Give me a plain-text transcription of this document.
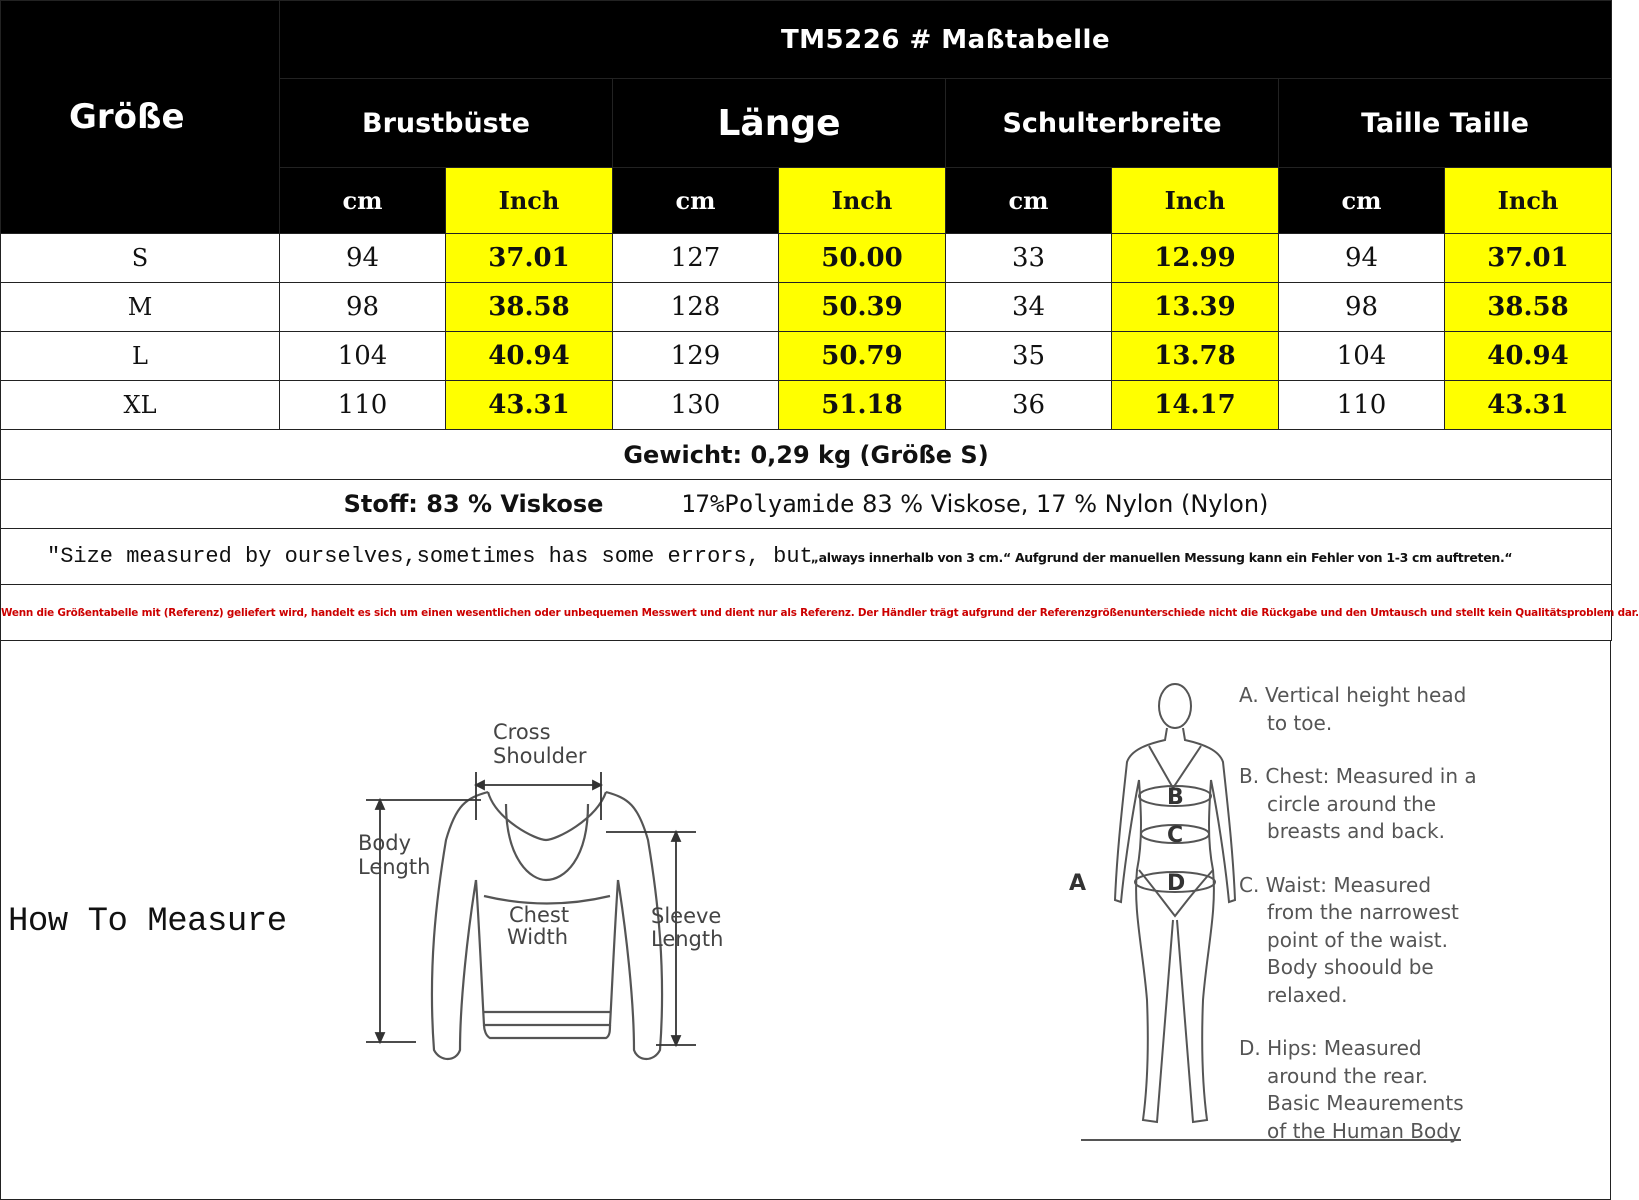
Größe	TM5226 # Maßtabelle							
	Brustbüste		Länge		Schulterbreite		Taille Taille	
	cm	Inch	cm	Inch	cm	Inch	cm	Inch
S	94	37.01	127	50.00	33	12.99	94	37.01
M	98	38.58	128	50.39	34	13.39	98	38.58
L	104	40.94	129	50.79	35	13.78	104	40.94
XL	110	43.31	130	51.18	36	14.17	110	43.31
Gewicht: 0,29 kg (Größe S)								
Stoff: 83 % Viskose 17%Polyamide 83 % Viskose, 17 % Nylon (Nylon)								
″Size measured by ourselves,sometimes has some errors, but„always innerhalb von 3 cm.“ Aufgrund der manuellen Messung kann ein Fehler von 1-3 cm auftreten.“								
Wenn die Größentabelle mit (Referenz) geliefert wird, handelt es sich um einen wesentlichen oder unbequemen Messwert und dient nur als Referenz. Der Händler trägt aufgrund der Referenzgrößenunterschiede nicht die Rückgabe und den Umtausch und stellt kein Qualitätsproblem dar.								
How To Measure
Cross
Shoulder
Body
Length
Chest
Width
Sleeve
Length
A
B
C
D
A. Vertical height head
to toe.
B. Chest: Measured in a
circle around the
breasts and back.
C. Waist: Measured
from the narrowest
point of the waist.
Body shoould be
relaxed.
D. Hips: Measured
around the rear.
Basic Meaurements
of the Human Body
